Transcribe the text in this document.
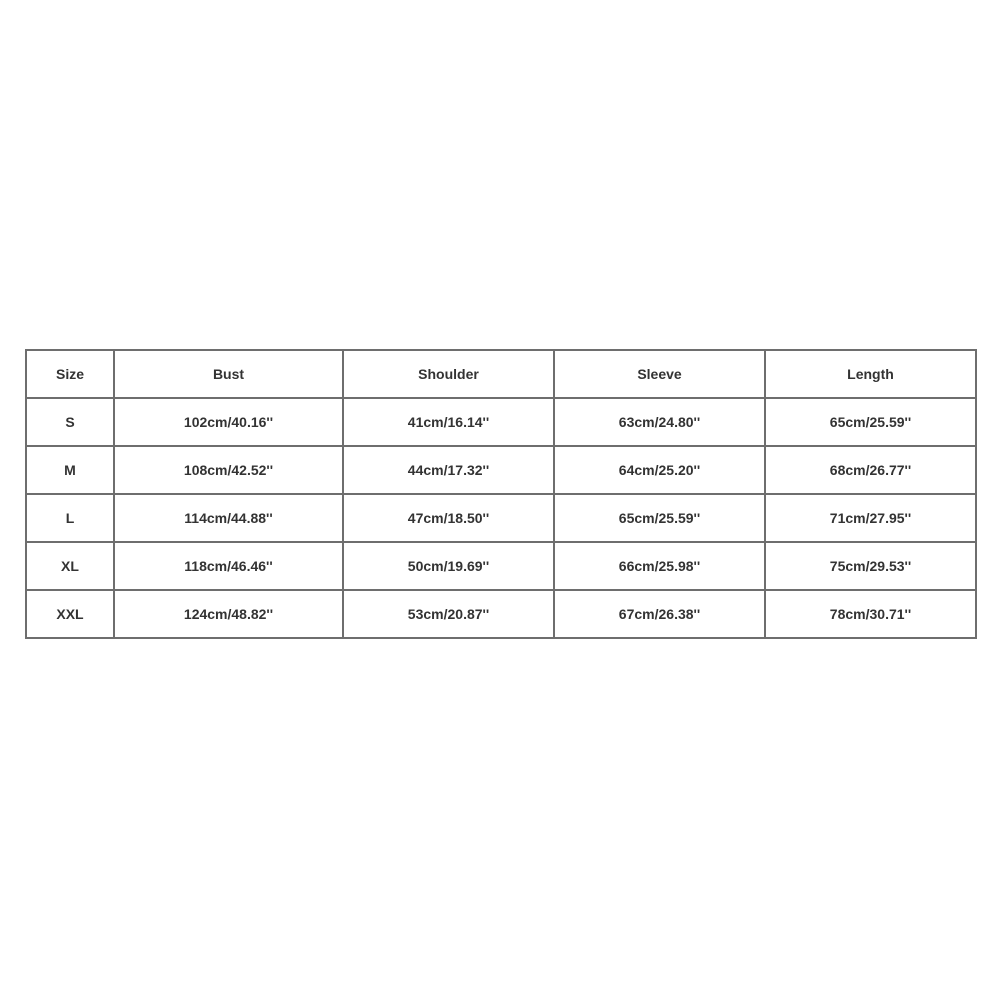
Size	Bust	Shoulder	Sleeve	Length
S	102cm/40.16''	41cm/16.14''	63cm/24.80''	65cm/25.59''
M	108cm/42.52''	44cm/17.32''	64cm/25.20''	68cm/26.77''
L	114cm/44.88''	47cm/18.50''	65cm/25.59''	71cm/27.95''
XL	118cm/46.46''	50cm/19.69''	66cm/25.98''	75cm/29.53''
XXL	124cm/48.82''	53cm/20.87''	67cm/26.38''	78cm/30.71''
